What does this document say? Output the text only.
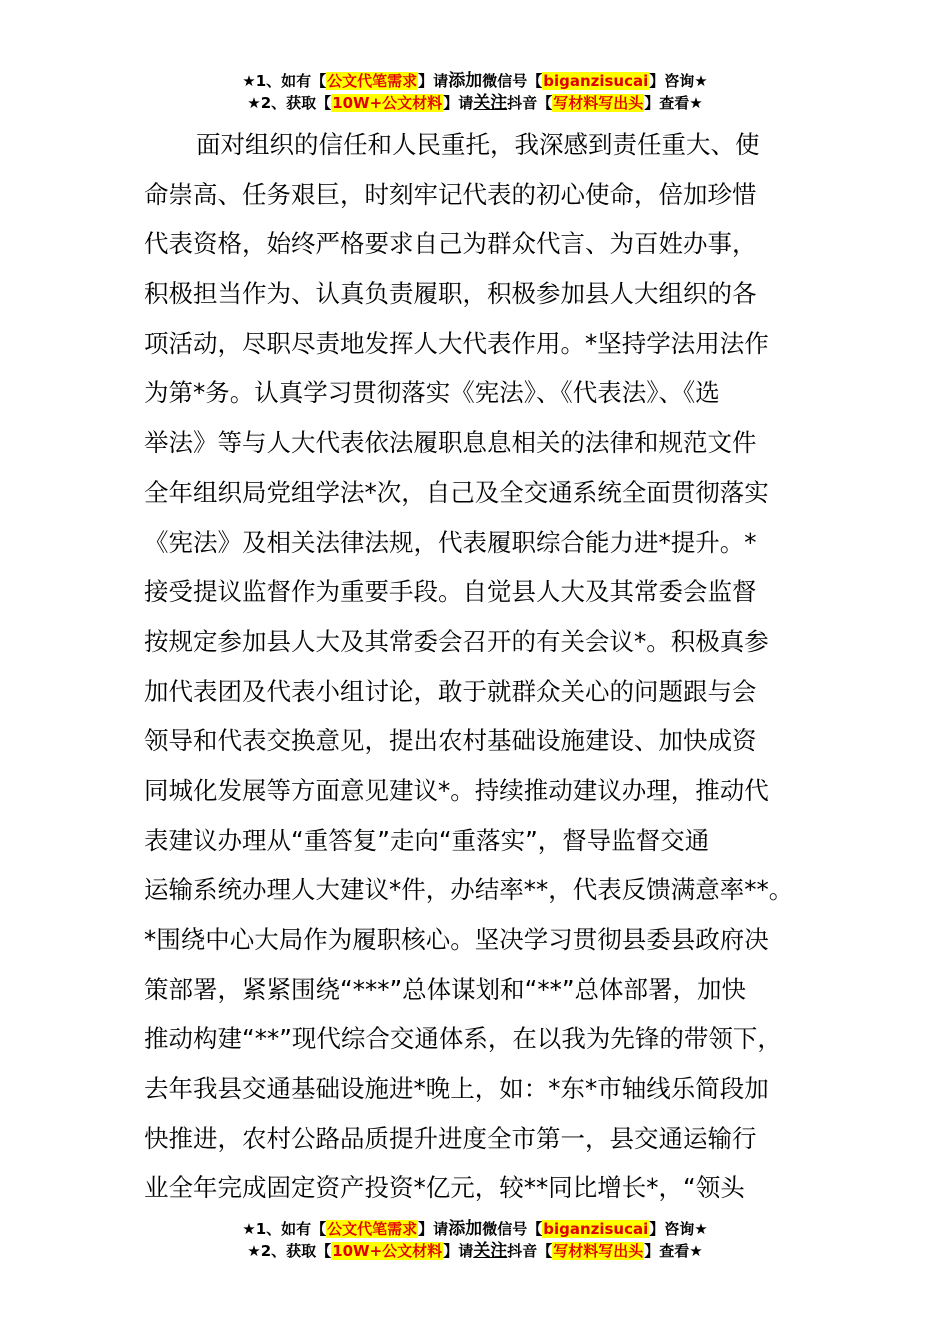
★1、如有【公文代笔需求】请添加微信号【biganzisucai】咨询★
★2、获取【10W+公文材料】请关注抖音【写材料写出头】查看★
面对组织的信任和人民重托，我深感到责任重大、使
命崇高、任务艰巨，时刻牢记代表的初心使命，倍加珍惜
代表资格，始终严格要求自己为群众代言、为百姓办事，
积极担当作为、认真负责履职，积极参加县人大组织的各
项活动，尽职尽责地发挥人大代表作用。*坚持学法用法作
为第*务。认真学习贯彻落实《宪法》、《代表法》、《选
举法》等与人大代表依法履职息息相关的法律和规范文件
全年组织局党组学法*次，自己及全交通系统全面贯彻落实
《宪法》及相关法律法规，代表履职综合能力进*提升。*
接受提议监督作为重要手段。自觉县人大及其常委会监督
按规定参加县人大及其常委会召开的有关会议*。积极真参
加代表团及代表小组讨论，敢于就群众关心的问题跟与会
领导和代表交换意见，提出农村基础设施建设、加快成资
同城化发展等方面意见建议*。持续推动建议办理，推动代
表建议办理从“重答复”走向“重落实”，督导监督交通
运输系统办理人大建议*件，办结率**，代表反馈满意率**。
*围绕中心大局作为履职核心。坚决学习贯彻县委县政府决
策部署，紧紧围绕“***”总体谋划和“**”总体部署，加快
推动构建“**”现代综合交通体系，在以我为先锋的带领下，
去年我县交通基础设施进*晚上，如：*东*市轴线乐简段加
快推进，农村公路品质提升进度全市第一，县交通运输行
业全年完成固定资产投资*亿元，较**同比增长*，“领头
★1、如有【公文代笔需求】请添加微信号【biganzisucai】咨询★
★2、获取【10W+公文材料】请关注抖音【写材料写出头】查看★
